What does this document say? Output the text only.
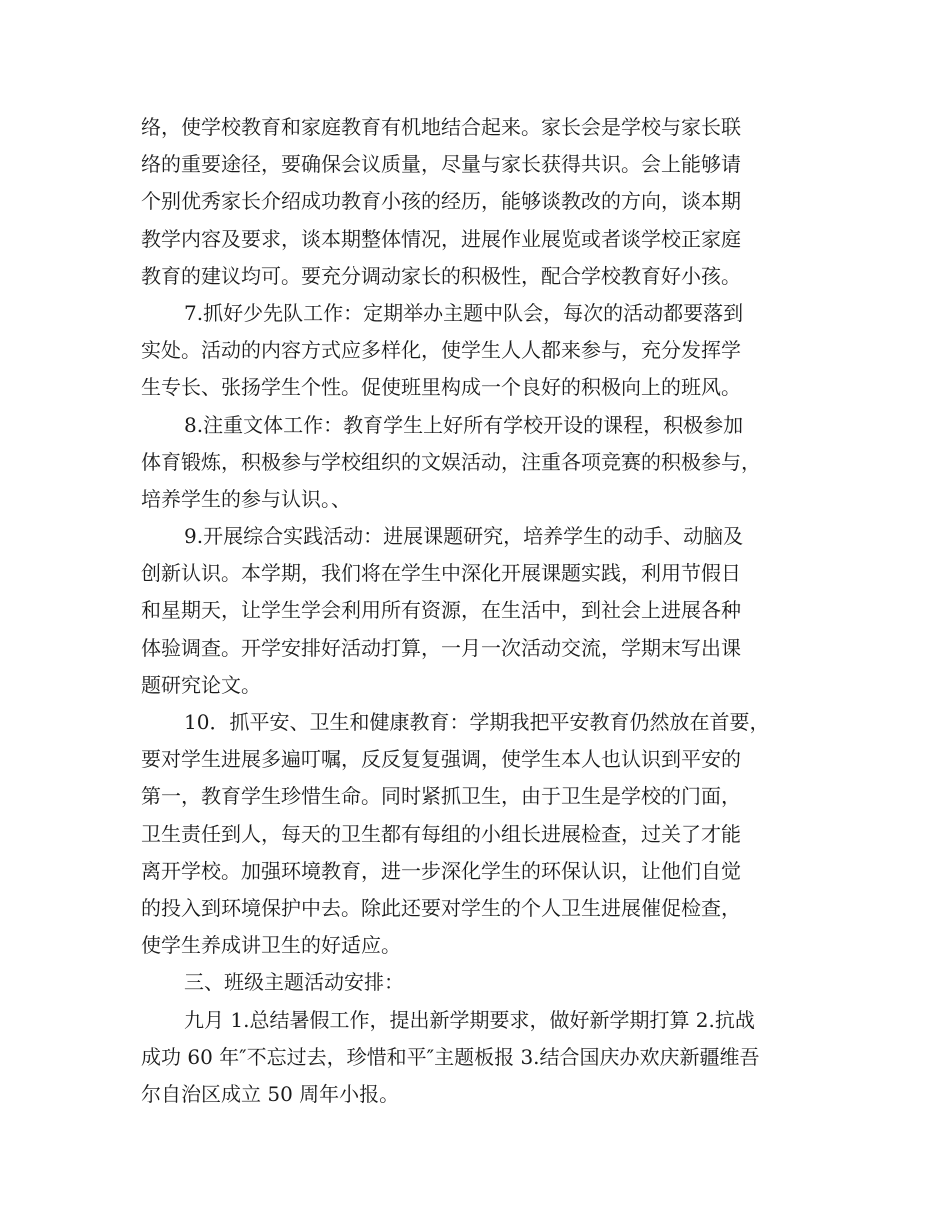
络，使学校教育和家庭教育有机地结合起来。家长会是学校与家长联
络的重要途径，要确保会议质量，尽量与家长获得共识。会上能够请
个别优秀家长介绍成功教育小孩的经历，能够谈教改的方向，谈本期
教学内容及要求，谈本期整体情况，进展作业展览或者谈学校正家庭
教育的建议均可。要充分调动家长的积极性，配合学校教育好小孩。
7.抓好少先队工作：定期举办主题中队会，每次的活动都要落到
实处。活动的内容方式应多样化，使学生人人都来参与，充分发挥学
生专长、张扬学生个性。促使班里构成一个良好的积极向上的班风。
8.注重文体工作：教育学生上好所有学校开设的课程，积极参加
体育锻炼，积极参与学校组织的文娱活动，注重各项竞赛的积极参与，
培养学生的参与认识。、
9.开展综合实践活动：进展课题研究，培养学生的动手、动脑及
创新认识。本学期，我们将在学生中深化开展课题实践，利用节假日
和星期天，让学生学会利用所有资源，在生活中，到社会上进展各种
体验调查。开学安排好活动打算，一月一次活动交流，学期末写出课
题研究论文。
10．抓平安、卫生和健康教育：学期我把平安教育仍然放在首要，
要对学生进展多遍叮嘱，反反复复强调，使学生本人也认识到平安的
第一，教育学生珍惜生命。同时紧抓卫生，由于卫生是学校的门面，
卫生责任到人，每天的卫生都有每组的小组长进展检查，过关了才能
离开学校。加强环境教育，进一步深化学生的环保认识，让他们自觉
的投入到环境保护中去。除此还要对学生的个人卫生进展催促检查，
使学生养成讲卫生的好适应。
三、班级主题活动安排：
九月 1.总结暑假工作，提出新学期要求，做好新学期打算 2.抗战
成功 60 年″不忘过去，珍惜和平″主题板报 3.结合国庆办欢庆新疆维吾
尔自治区成立 50 周年小报。
